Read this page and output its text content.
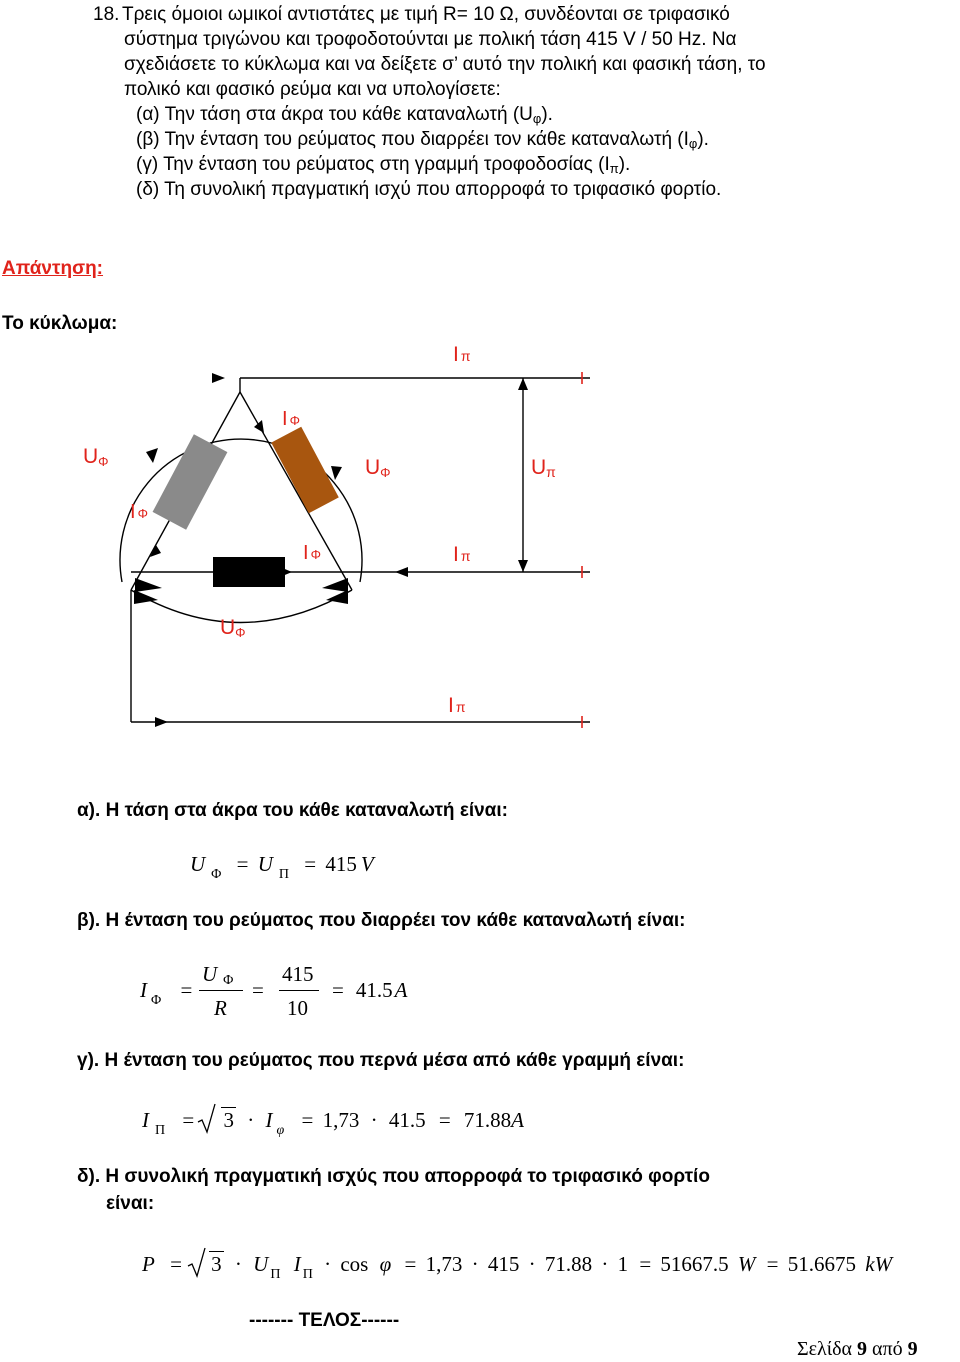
18. Τρεις όμοιοι ωμικοί αντιστάτες με τιμή R= 10 Ω, συνδέονται σε τριφασικό
σύστημα τριγώνου και τροφοδοτούνται με πολική τάση 415 V / 50 Hz. Να
σχεδιάσετε το κύκλωμα και να δείξετε σ’ αυτό την πολική και φασική τάση, το
πολικό και φασικό ρεύμα και να υπολογίσετε:
(α) Την τάση στα άκρα του κάθε καταναλωτή $(U_\varphi)$.
(β) Την ένταση του ρεύματος που διαρρέει τον κάθε καταναλωτή $(I_\varphi)$.
(γ) Την ένταση του ρεύματος στη γραμμή τροφοδοσίας $(I_\pi)$.
(δ) Τη συνολική πραγματική ισχύ που απορροφά το τριφασικό φορτίο.
Απάντηση:
Το κύκλωμα:
Iπ
I Φ
UΦ	UΦ	Uπ
I Φ
I Φ	Iπ
UΦ
Iπ
α). Η τάση στα άκρα του κάθε καταναλωτή είναι:
U $_\Phi$ = U $_\Pi$ = 415 V
β). Η ένταση του ρεύματος που διαρρέει τον κάθε καταναλωτή είναι:
I $_\Phi$ =
U Φ
R
=
415
10
= 41.5A
γ). Η ένταση του ρεύματος που περνά μέσα από κάθε γραμμή είναι:
I $_\Pi$ = 3 · I $_\varphi$ = 1,73 · 41.5 = 71.88A
δ). Η συνολική πραγματική ισχύς που απορροφά το τριφασικό φορτίο
είναι:
P = 3 · U $_\Pi$ I $_\Pi$ · cos φ = 1,73 · 415 · 71.88 · 1 = 51667.5 W = 51.6675 kW
------- ΤΕΛΟΣ------
Σελίδα 9 από 9
